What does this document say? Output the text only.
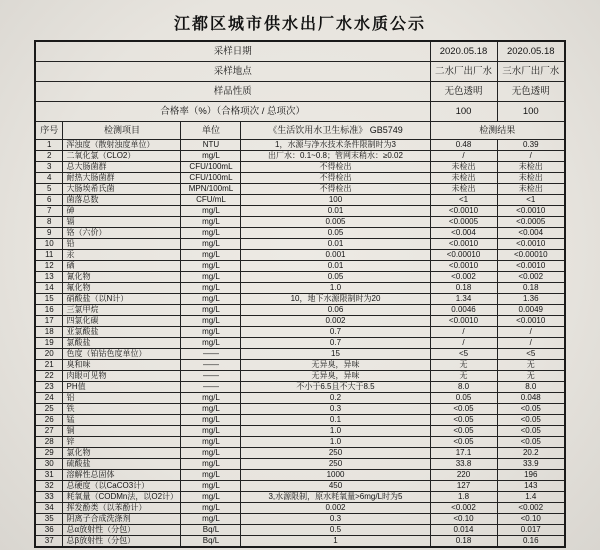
江都区城市供水出厂水水质公示
采样日期				2020.05.18	2020.05.18
采样地点				二水厂出厂水	三水厂出厂水
样品性质				无色透明	无色透明
合格率（%）（合格项次 / 总项次）				100	100
序号	检测项目	单位	《生活饮用水卫生标准》 GB5749	检测结果	
1	浑浊度（散射浊度单位）	NTU	1，水源与净水技术条件限制时为3	0.48	0.39
2	二氧化氯（CLO2）	mg/L	出厂水：0.1~0.8；管网末稍水：≥0.02	/	/
3	总大肠菌群	CFU/100mL	不得检出	未检出	未检出
4	耐热大肠菌群	CFU/100mL	不得检出	未检出	未检出
5	大肠埃希氏菌	MPN/100mL	不得检出	未检出	未检出
6	菌落总数	CFU/mL	100	<1	<1
7	砷	mg/L	0.01	<0.0010	<0.0010
8	镉	mg/L	0.005	<0.0005	<0.0005
9	铬（六价）	mg/L	0.05	<0.004	<0.004
10	铅	mg/L	0.01	<0.0010	<0.0010
11	汞	mg/L	0.001	<0.00010	<0.00010
12	硒	mg/L	0.01	<0.0010	<0.0010
13	氰化物	mg/L	0.05	<0.002	<0.002
14	氟化物	mg/L	1.0	0.18	0.18
15	硝酸盐（以N计）	mg/L	10，地下水源限制时为20	1.34	1.36
16	三氯甲烷	mg/L	0.06	0.0046	0.0049
17	四氯化碳	mg/L	0.002	<0.0010	<0.0010
18	亚氯酸盐	mg/L	0.7	/	/
19	氯酸盐	mg/L	0.7	/	/
20	色度（铂钴色度单位）	——	15	<5	<5
21	臭和味	——	无异臭，异味	无	无
22	肉眼可见物	——	无异臭，异味	无	无
23	PH值	——	不小于6.5且不大于8.5	8.0	8.0
24	铝	mg/L	0.2	0.05	0.048
25	铁	mg/L	0.3	<0.05	<0.05
26	锰	mg/L	0.1	<0.05	<0.05
27	铜	mg/L	1.0	<0.05	<0.05
28	锌	mg/L	1.0	<0.05	<0.05
29	氯化物	mg/L	250	17.1	20.2
30	硫酸盐	mg/L	250	33.8	33.9
31	溶解性总固体	mg/L	1000	220	196
32	总硬度（以CaCO3计）	mg/L	450	127	143
33	耗氧量（CODMn法，以O2计）	mg/L	3,水源限制，原水耗氧量>6mg/L时为5	1.8	1.4
34	挥发酚类（以苯酚计）	mg/L	0.002	<0.002	<0.002
35	阴离子合成洗涤剂	mg/L	0.3	<0.10	<0.10
36	总α放射性（分包）	Bq/L	0.5	0.014	0.017
37	总β放射性（分包）	Bq/L	1	0.18	0.16
